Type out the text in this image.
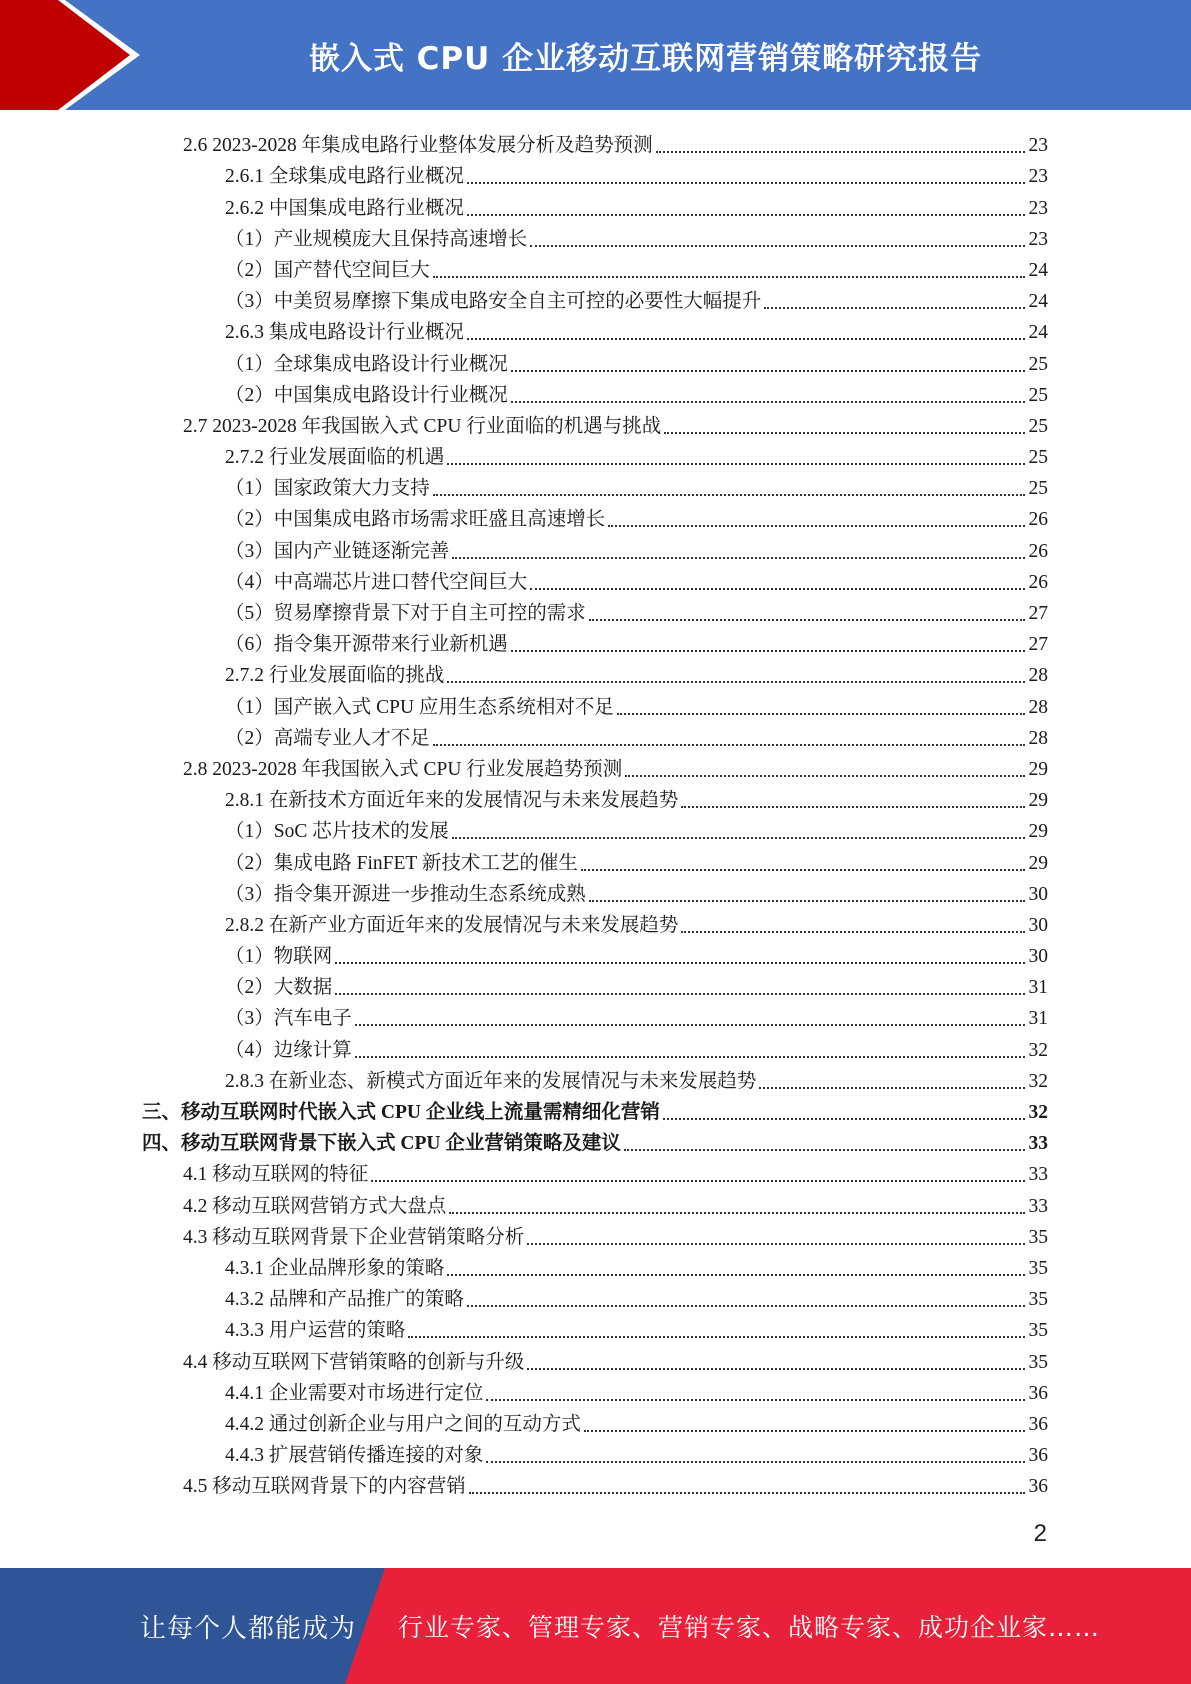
嵌入式 CPU 企业移动互联网营销策略研究报告
2.6 2023-2028 年集成电路行业整体发展分析及趋势预测	23
2.6.1 全球集成电路行业概况	23
2.6.2 中国集成电路行业概况	23
（1）产业规模庞大且保持高速增长	23
（2）国产替代空间巨大	24
（3）中美贸易摩擦下集成电路安全自主可控的必要性大幅提升	24
2.6.3 集成电路设计行业概况	24
（1）全球集成电路设计行业概况	25
（2）中国集成电路设计行业概况	25
2.7 2023-2028 年我国嵌入式 CPU 行业面临的机遇与挑战	25
2.7.2 行业发展面临的机遇	25
（1）国家政策大力支持	25
（2）中国集成电路市场需求旺盛且高速增长	26
（3）国内产业链逐渐完善	26
（4）中高端芯片进口替代空间巨大	26
（5）贸易摩擦背景下对于自主可控的需求	27
（6）指令集开源带来行业新机遇	27
2.7.2 行业发展面临的挑战	28
（1）国产嵌入式 CPU 应用生态系统相对不足	28
（2）高端专业人才不足	28
2.8 2023-2028 年我国嵌入式 CPU 行业发展趋势预测	29
2.8.1 在新技术方面近年来的发展情况与未来发展趋势	29
（1）SoC 芯片技术的发展	29
（2）集成电路 FinFET 新技术工艺的催生	29
（3）指令集开源进一步推动生态系统成熟	30
2.8.2 在新产业方面近年来的发展情况与未来发展趋势	30
（1）物联网	30
（2）大数据	31
（3）汽车电子	31
（4）边缘计算	32
2.8.3 在新业态、新模式方面近年来的发展情况与未来发展趋势	32
三、移动互联网时代嵌入式 CPU 企业线上流量需精细化营销	32
四、移动互联网背景下嵌入式 CPU 企业营销策略及建议	33
4.1 移动互联网的特征	33
4.2 移动互联网营销方式大盘点	33
4.3 移动互联网背景下企业营销策略分析	35
4.3.1 企业品牌形象的策略	35
4.3.2 品牌和产品推广的策略	35
4.3.3 用户运营的策略	35
4.4 移动互联网下营销策略的创新与升级	35
4.4.1 企业需要对市场进行定位	36
4.4.2 通过创新企业与用户之间的互动方式	36
4.4.3 扩展营销传播连接的对象	36
4.5 移动互联网背景下的内容营销	36
2
让每个人都能成为 行业专家、管理专家、营销专家、战略专家、成功企业家……
